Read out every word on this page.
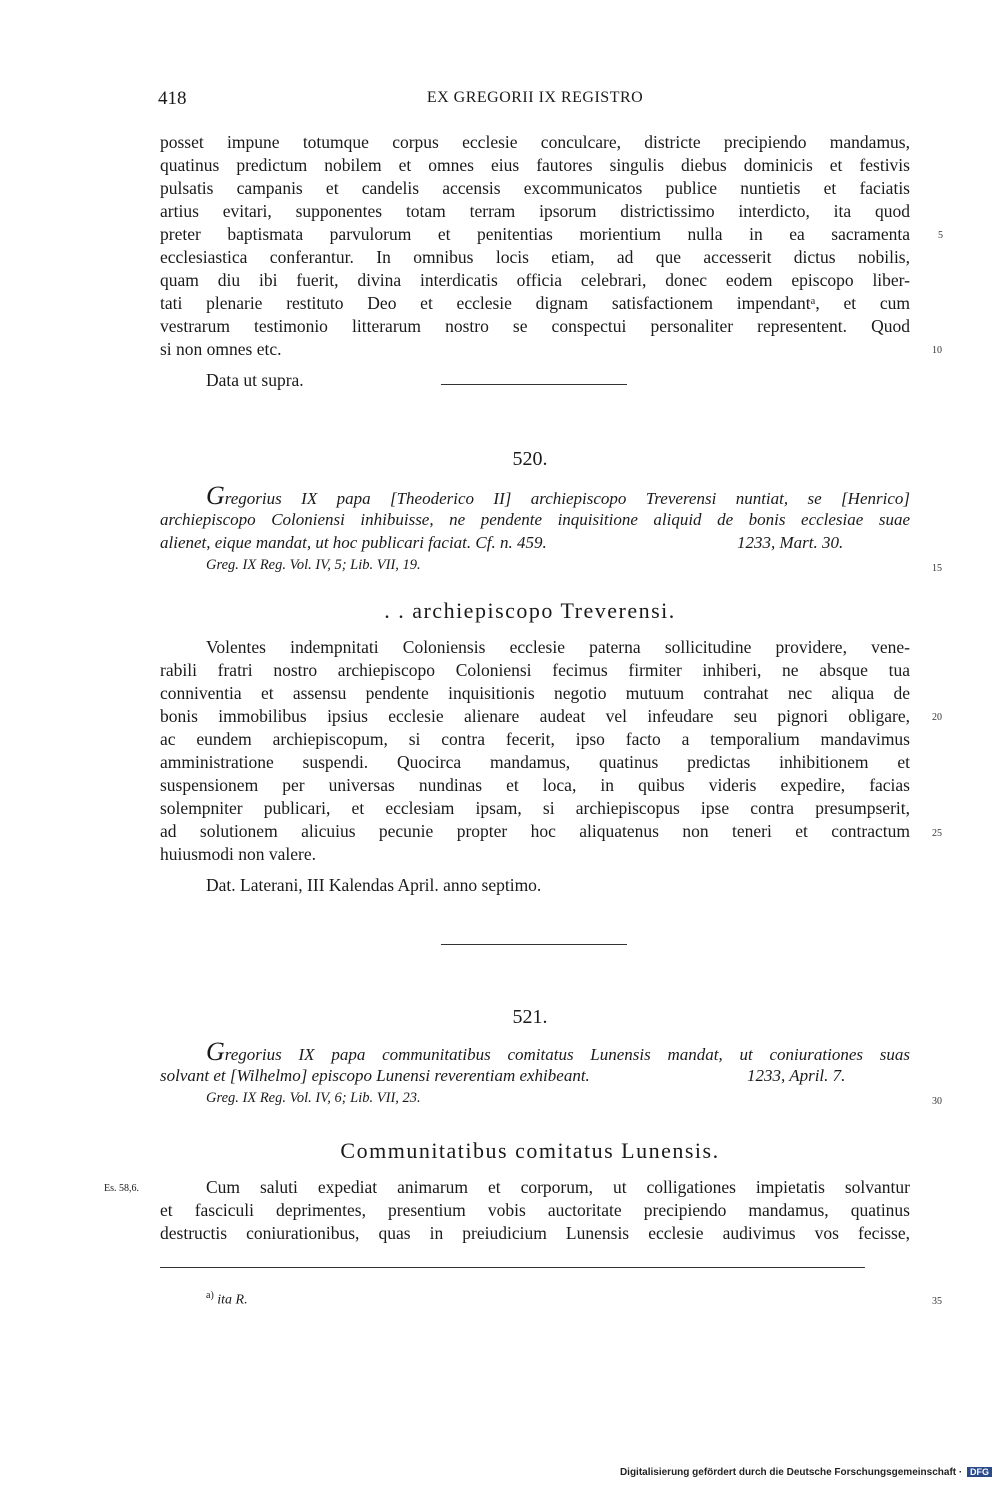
418	EX GREGORII IX REGISTRO
posset impune totumque corpus ecclesie conculcare, districte precipiendo mandamus,
quatinus predictum nobilem et omnes eius fautores singulis diebus dominicis et festivis
pulsatis campanis et candelis accensis excommunicatos publice nuntietis et faciatis
artius evitari, supponentes totam terram ipsorum districtissimo interdicto, ita quod
preter baptismata parvulorum et penitentias morientium nulla in ea sacramenta
ecclesiastica conferantur. In omnibus locis etiam, ad que accesserit dictus nobilis,
quam diu ibi fuerit, divina interdicatis officia celebrari, donec eodem episcopo liber-
tati plenarie restituto Deo et ecclesie dignam satisfactionem impendantᵃ, et cum
vestrarum testimonio litterarum nostro se conspectui personaliter representent. Quod
si non omnes etc.
Data ut supra.
520.
Gregorius IX papa [Theoderico II] archiepiscopo Treverensi nuntiat, se [Henrico]
archiepiscopo Coloniensi inhibuisse, ne pendente inquisitione aliquid de bonis ecclesiae suae
alienet, eique mandat, ut hoc publicari faciat. Cf. n. 459.	1233, Mart. 30.
Greg. IX Reg. Vol. IV, 5; Lib. VII, 19.
. . archiepiscopo Treverensi.
Volentes indempnitati Coloniensis ecclesie paterna sollicitudine providere, vene-
rabili fratri nostro archiepiscopo Coloniensi fecimus firmiter inhiberi, ne absque tua
conniventia et assensu pendente inquisitionis negotio mutuum contrahat nec aliqua de
bonis immobilibus ipsius ecclesie alienare audeat vel infeudare seu pignori obligare,
ac eundem archiepiscopum, si contra fecerit, ipso facto a temporalium mandavimus
amministratione suspendi. Quocirca mandamus, quatinus predictas inhibitionem et
suspensionem per universas nundinas et loca, in quibus videris expedire, facias
solempniter publicari, et ecclesiam ipsam, si archiepiscopus ipse contra presumpserit,
ad solutionem alicuius pecunie propter hoc aliquatenus non teneri et contractum
huiusmodi non valere.
Dat. Laterani, III Kalendas April. anno septimo.
521.
Gregorius IX papa communitatibus comitatus Lunensis mandat, ut coniurationes suas
solvant et [Wilhelmo] episcopo Lunensi reverentiam exhibeant.	1233, April. 7.
Greg. IX Reg. Vol. IV, 6; Lib. VII, 23.
Communitatibus comitatus Lunensis.
Es. 58,6.	Cum saluti expediat animarum et corporum, ut colligationes impietatis solvantur
et fasciculi deprimentes, presentium vobis auctoritate precipiendo mandamus, quatinus
destructis coniurationibus, quas in preiudicium Lunensis ecclesie audivimus vos fecisse,
$^{a)}$ ita R.
5
10
15
20
25
30
35
Digitalisierung gefördert durch die Deutsche Forschungsgemeinschaft · DFG
